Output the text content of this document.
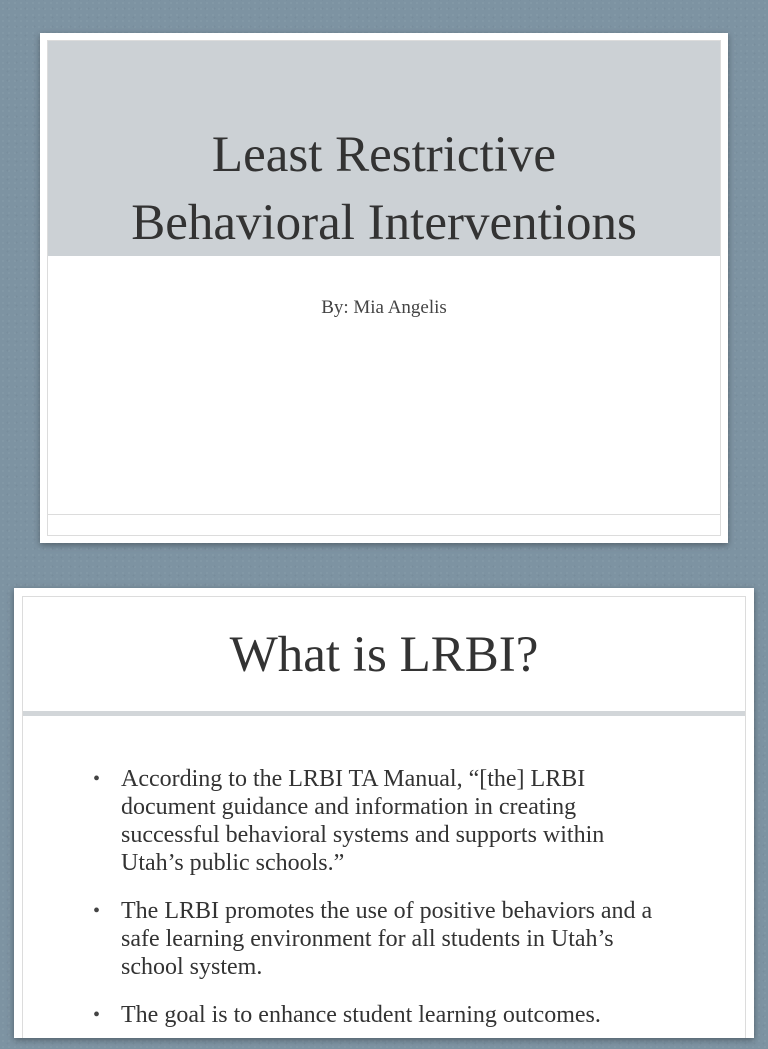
Least Restrictive
Behavioral Interventions
By: Mia Angelis
What is LRBI?
• According to the LRBI TA Manual, “[the] LRBI document guidance and information in creating successful behavioral systems and supports within Utah’s public schools.”
• The LRBI promotes the use of positive behaviors and a safe learning environment for all students in Utah’s school system.
• The goal is to enhance student learning outcomes.
